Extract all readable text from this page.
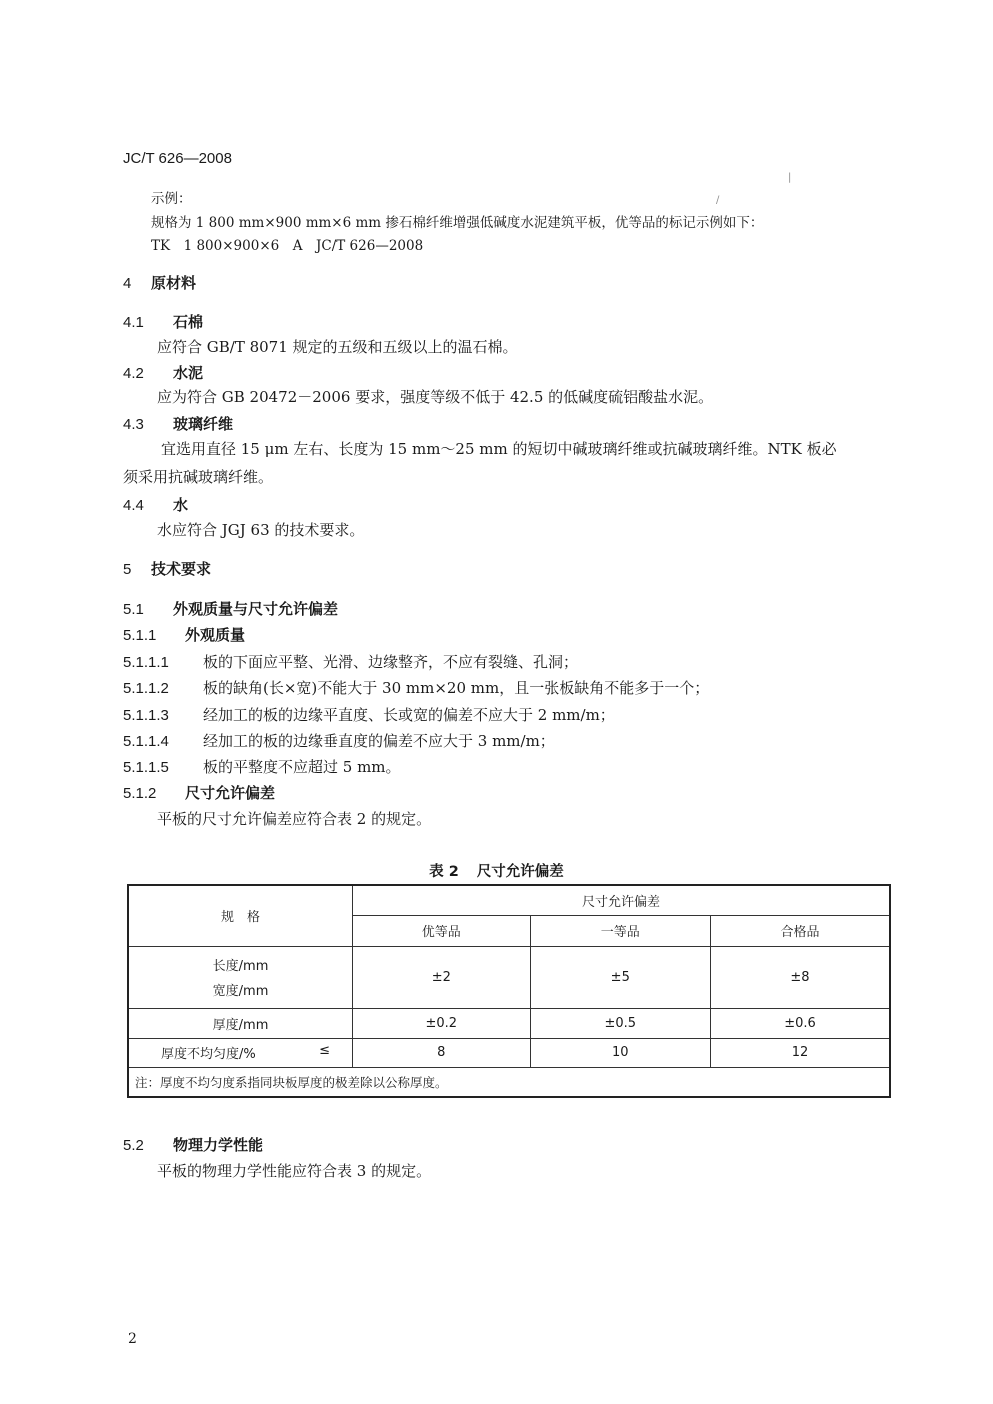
JC/T 626—2008
示例：
规格为 1 800 mm×900 mm×6 mm 掺石棉纤维增强低碱度水泥建筑平板，优等品的标记示例如下：
TK　1 800×900×6　A　JC/T 626—2008
4 原材料
4.1 石棉
应符合 GB/T 8071 规定的五级和五级以上的温石棉。
4.2 水泥
应为符合 GB 20472－2006 要求，强度等级不低于 42.5 的低碱度硫铝酸盐水泥。
4.3 玻璃纤维
宜选用直径 15 μm 左右、长度为 15 mm～25 mm 的短切中碱玻璃纤维或抗碱玻璃纤维。NTK 板必
须采用抗碱玻璃纤维。
4.4 水
水应符合 JGJ 63 的技术要求。
5 技术要求
5.1 外观质量与尺寸允许偏差
5.1.1 外观质量
5.1.1.1 板的下面应平整、光滑、边缘整齐，不应有裂缝、孔洞；
5.1.1.2 板的缺角(长×宽)不能大于 30 mm×20 mm，且一张板缺角不能多于一个；
5.1.1.3 经加工的板的边缘平直度、长或宽的偏差不应大于 2 mm/m；
5.1.1.4 经加工的板的边缘垂直度的偏差不应大于 3 mm/m；
5.1.1.5 板的平整度不应超过 5 mm。
5.1.2 尺寸允许偏差
平板的尺寸允许偏差应符合表 2 的规定。
表 2 尺寸允许偏差
规　格	尺寸允许偏差		
	优等品	一等品	合格品

长度/mm
宽度/mm	±2	±5	±8
厚度/mm	±0.2	±0.5	±0.6

厚度不均匀度/% ≤	8	10	12
注：厚度不均匀度系指同块板厚度的极差除以公称厚度。			
5.2 物理力学性能
平板的物理力学性能应符合表 3 的规定。
2
|
/
